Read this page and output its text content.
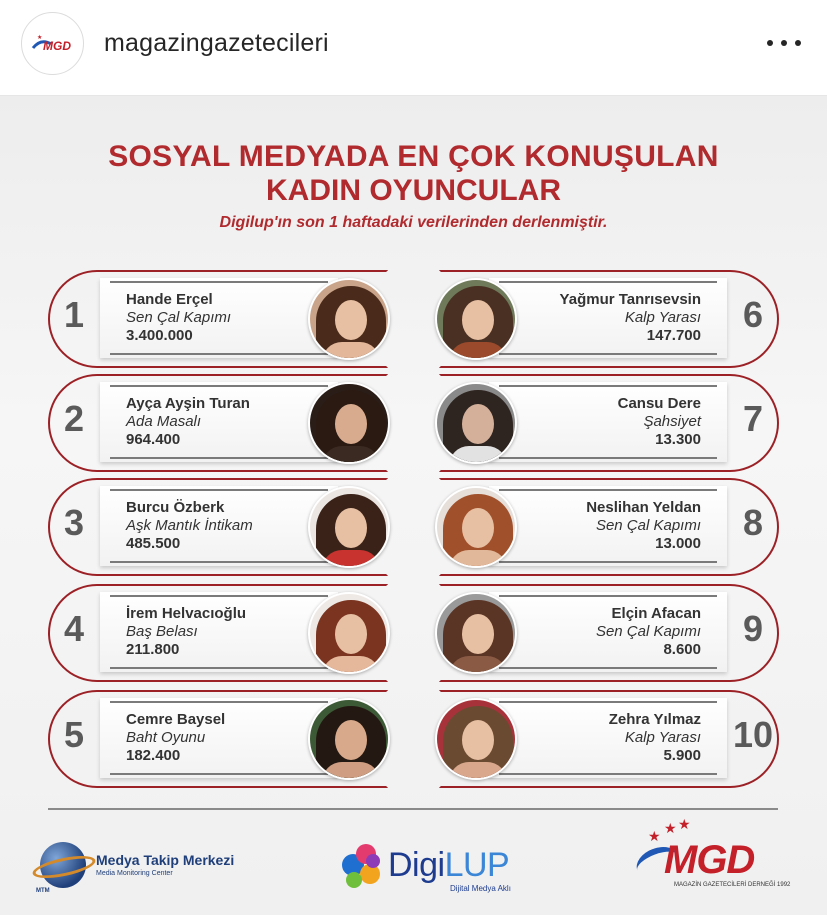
MGD
★ magazingazetecileri
SOSYAL MEDYADA EN ÇOK KONUŞULAN
KADIN OYUNCULAR
Digilup'ın son 1 haftadaki verilerinden derlenmiştir.
1	Hande Erçel
Sen Çal Kapımı
3.400.000
2	Ayça Ayşin Turan
Ada Masalı
964.400
3	Burcu Özberk
Aşk Mantık İntikam
485.500
4	İrem Helvacıoğlu
Baş Belası
211.800
5	Cemre Baysel
Baht Oyunu
182.400
6
Yağmur Tanrısevsin
Kalp Yarası
147.700
7
Cansu Dere
Şahsiyet
13.300
8
Neslihan Yeldan
Sen Çal Kapımı
13.000
9
Elçin Afacan
Sen Çal Kapımı
8.600
10
Zehra Yılmaz
Kalp Yarası
5.900
Medya Takip Merkezi
Media Monitoring Center
MTM
DigiLUP
Dijital Medya Aklı
★ ★ ★
MGD
MAGAZİN GAZETECİLERİ DERNEĞİ 1992
